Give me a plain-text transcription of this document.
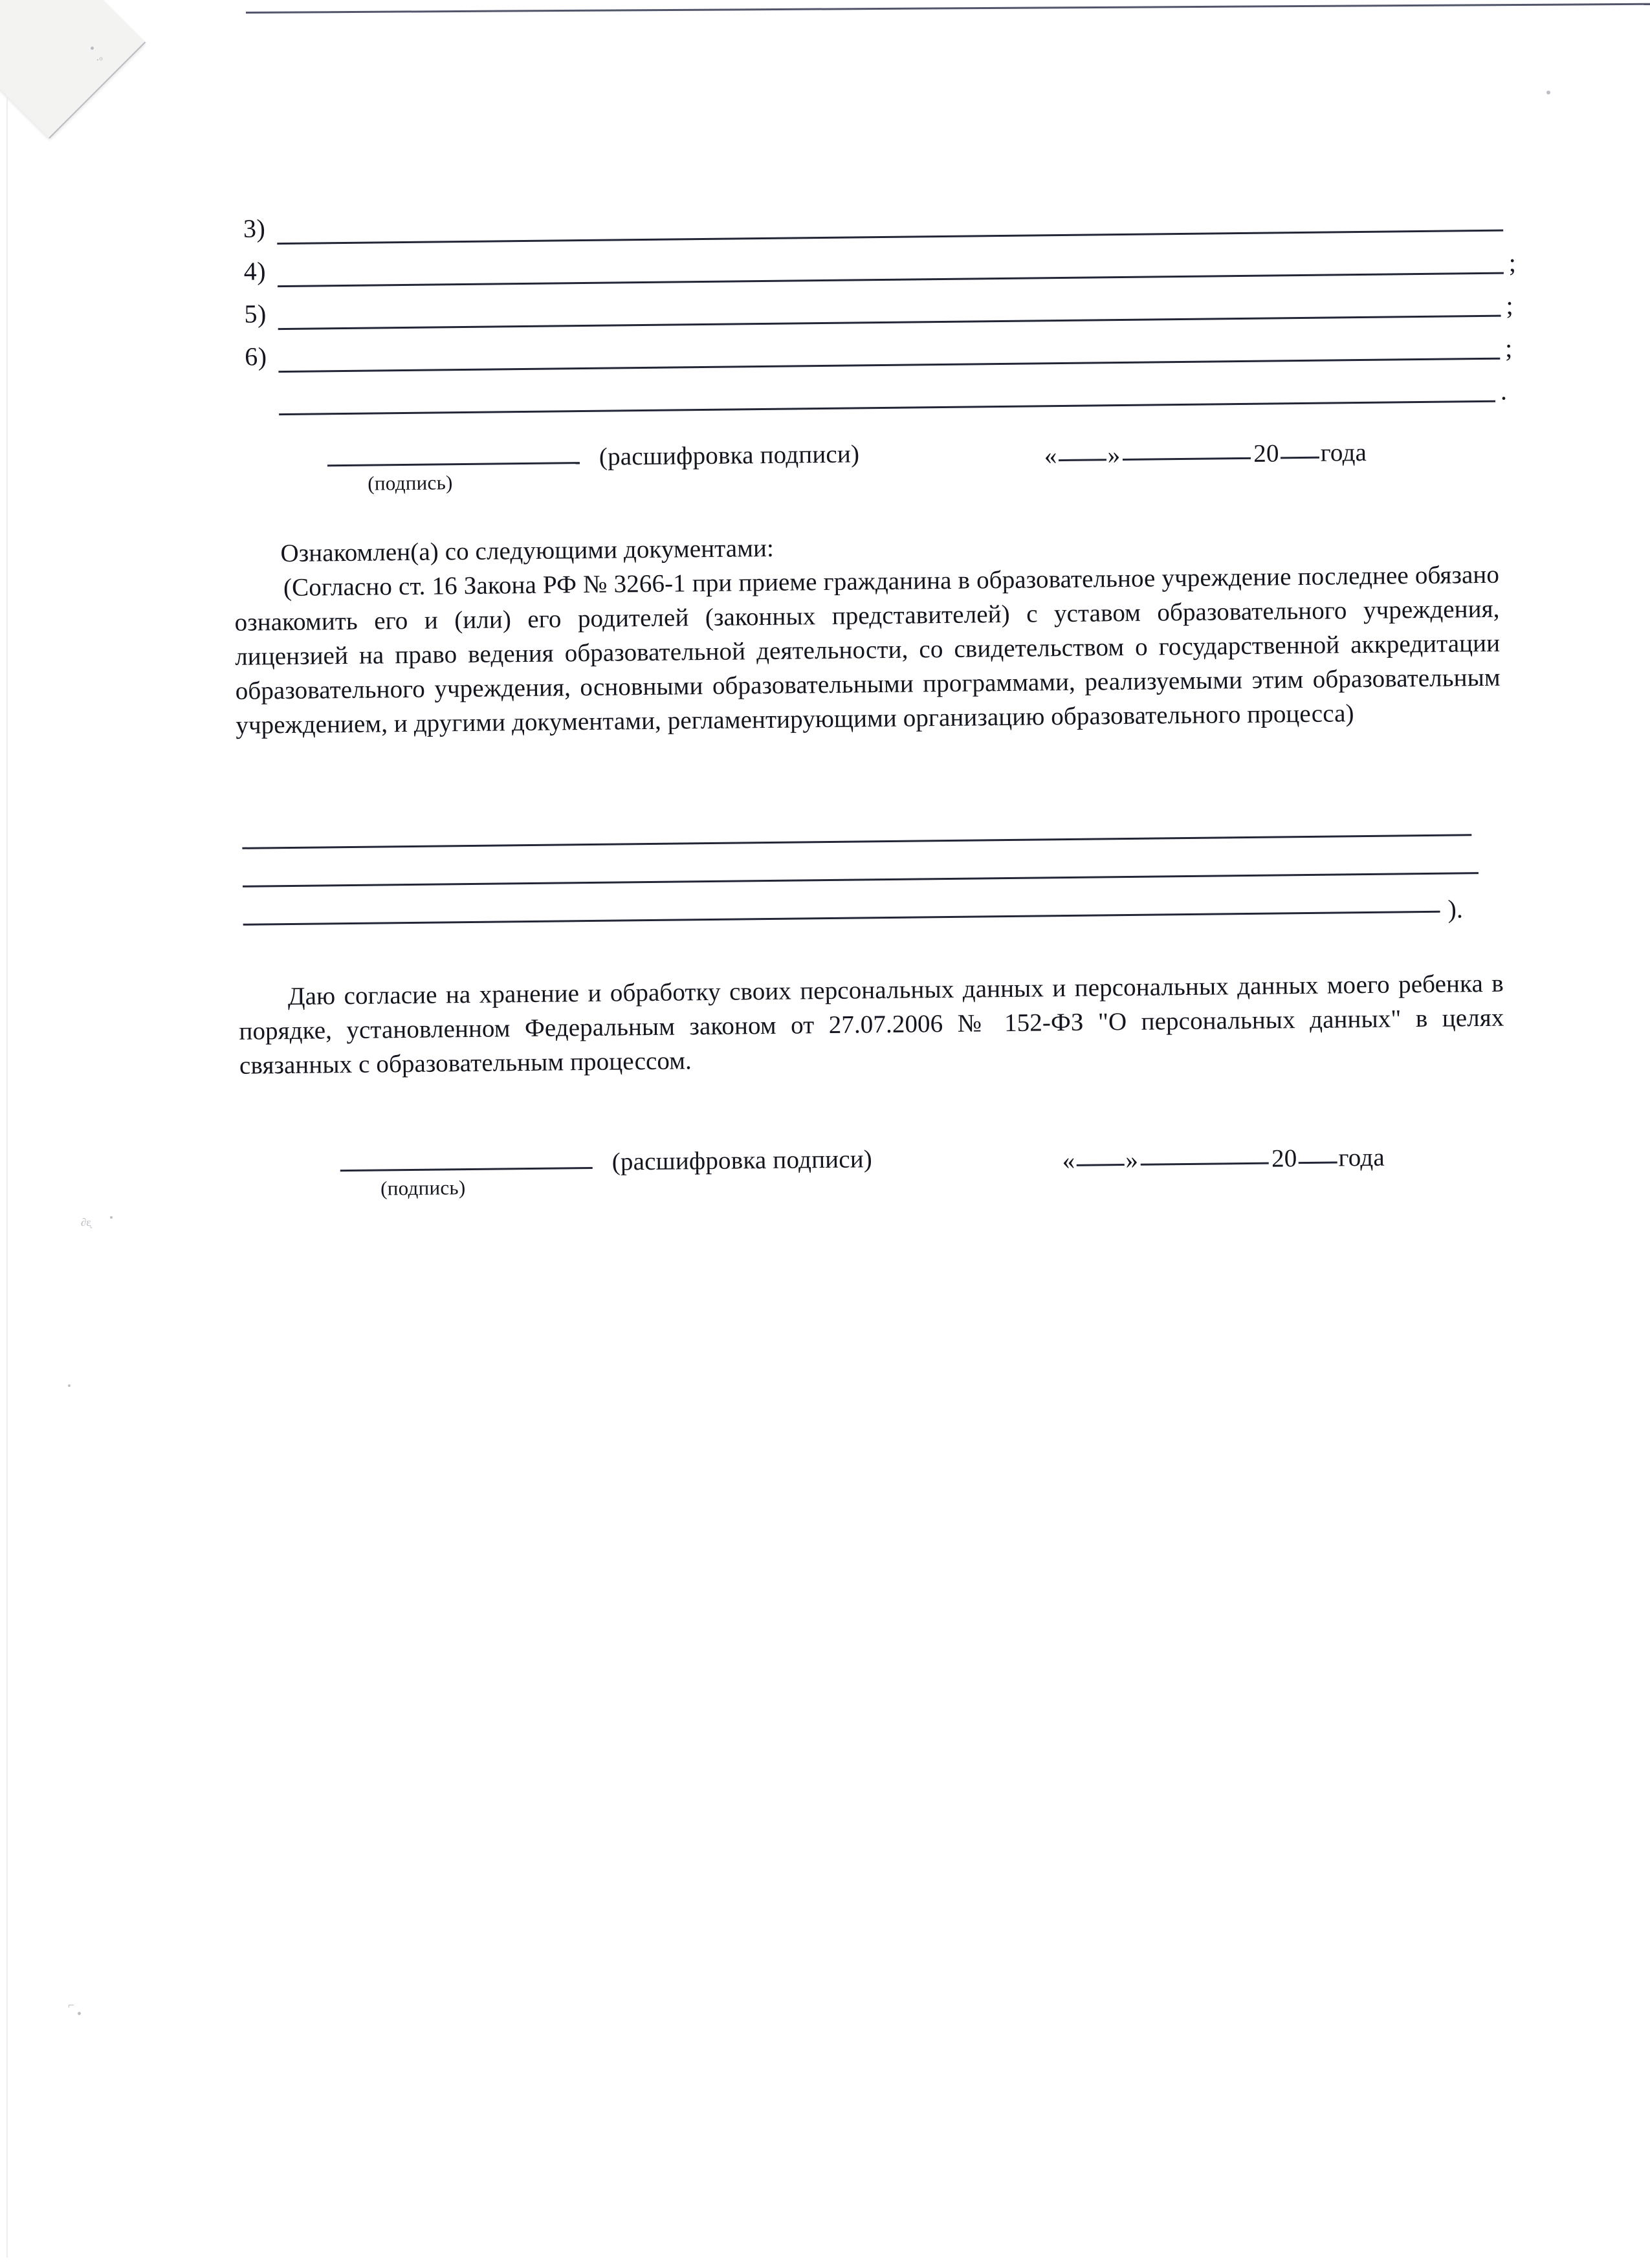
∂ᶓ
⌐
·ᵒ
3)
4)	;
5)	;
6)	;
.
(подпись)
(расшифровка подписи)	« »	20 года

Ознакомлен(а) со следующими документами:

(Согласно ст. 16 Закона РФ № 3266-1 при приеме гражданина в образовательное учреждение последнее обязано ознакомить его и (или) его родителей (законных представителей) с уставом образовательного учреждения, лицензией на право ведения образовательной деятельности, со свидетельством о государственной аккредитации образовательного учреждения, основными образовательными программами, реализуемыми этим образовательным учреждением, и другими документами, регламентирующими организацию образовательного процесса)

).

Даю согласие на хранение и обработку своих персональных данных и персональных данных моего ребенка в порядке, установленном Федеральным законом от 27.07.2006 № 152-ФЗ "О персональных данных" в целях связанных с образовательным процессом.

(подпись)
(расшифровка подписи)	« »	20 года
